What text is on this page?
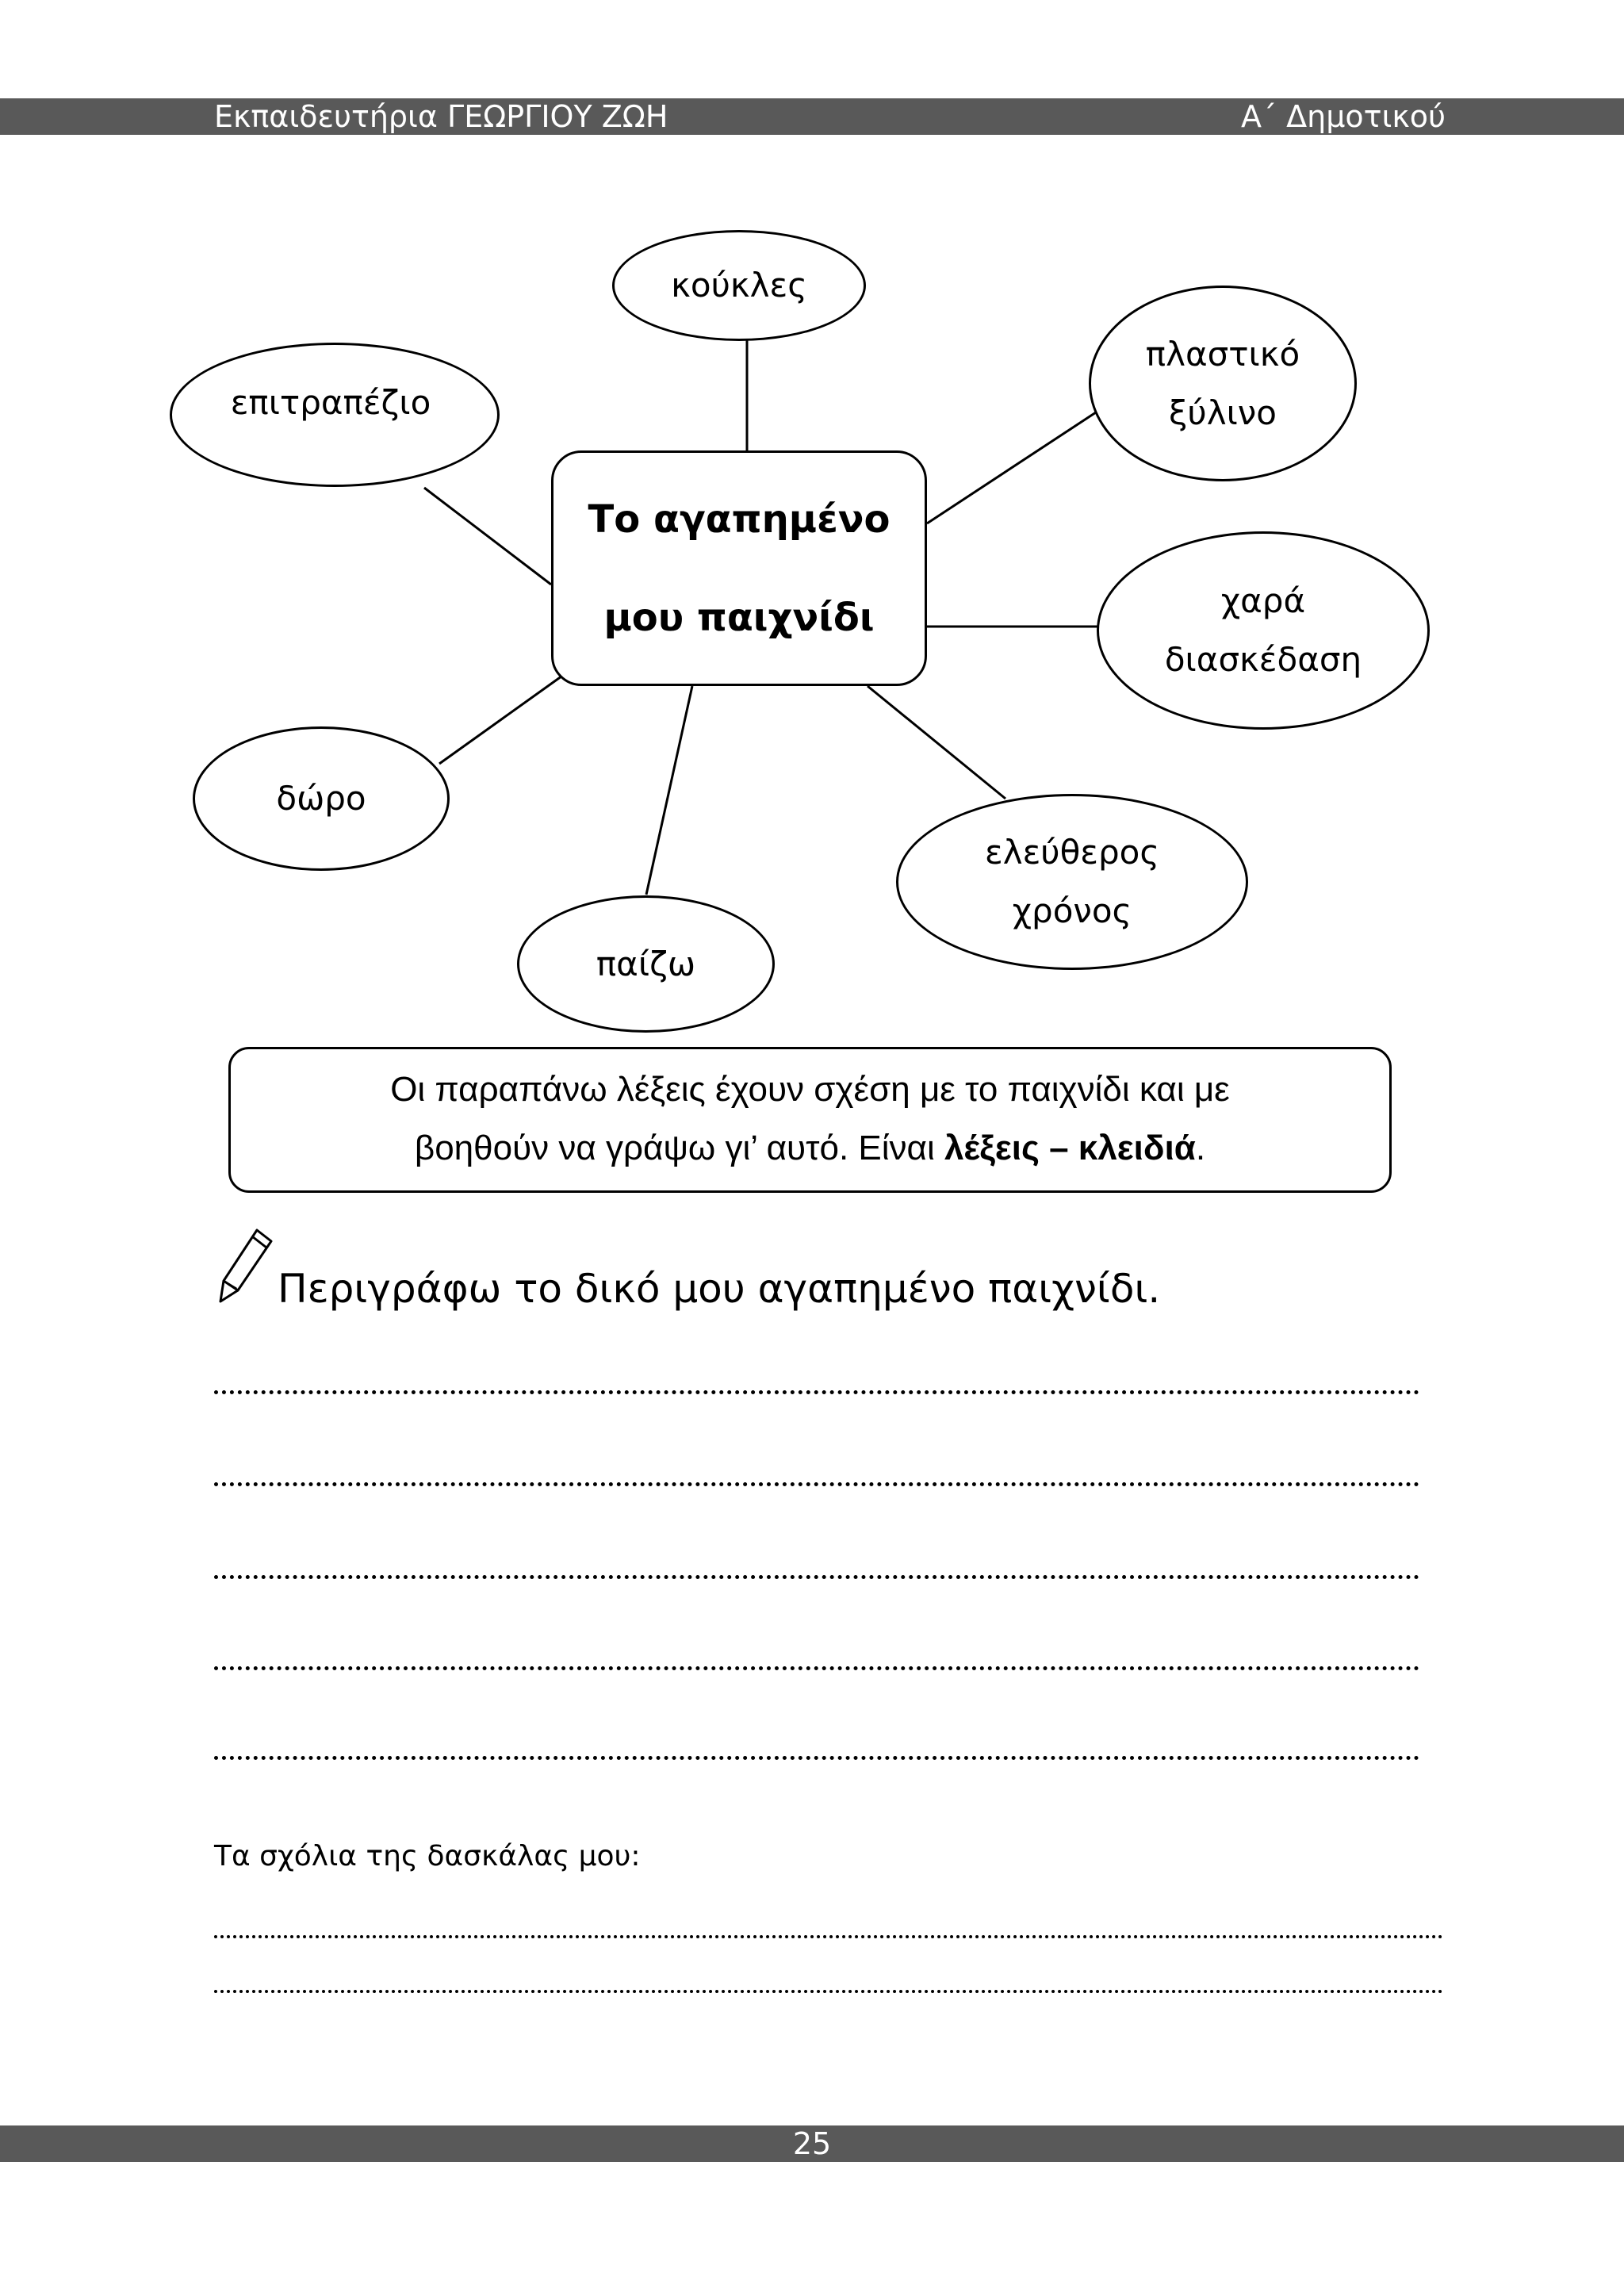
Εκπαιδευτήρια ΓΕΩΡΓΙΟΥ ΖΩΗ	Α΄ Δημοτικού
κούκλες
επιτραπέζιο
πλαστικό
ξύλινο
χαρά
διασκέδαση
δώρο
ελεύθερος
χρόνος
παίζω
Το αγαπημένο
μου παιχνίδι
Οι παραπάνω λέξεις έχουν σχέση με το παιχνίδι και με
βοηθούν να γράψω γι’ αυτό. Είναι λέξεις – κλειδιά.
Περιγράφω το δικό μου αγαπημένο παιχνίδι.
Τα σχόλια της δασκάλας μου:
25
